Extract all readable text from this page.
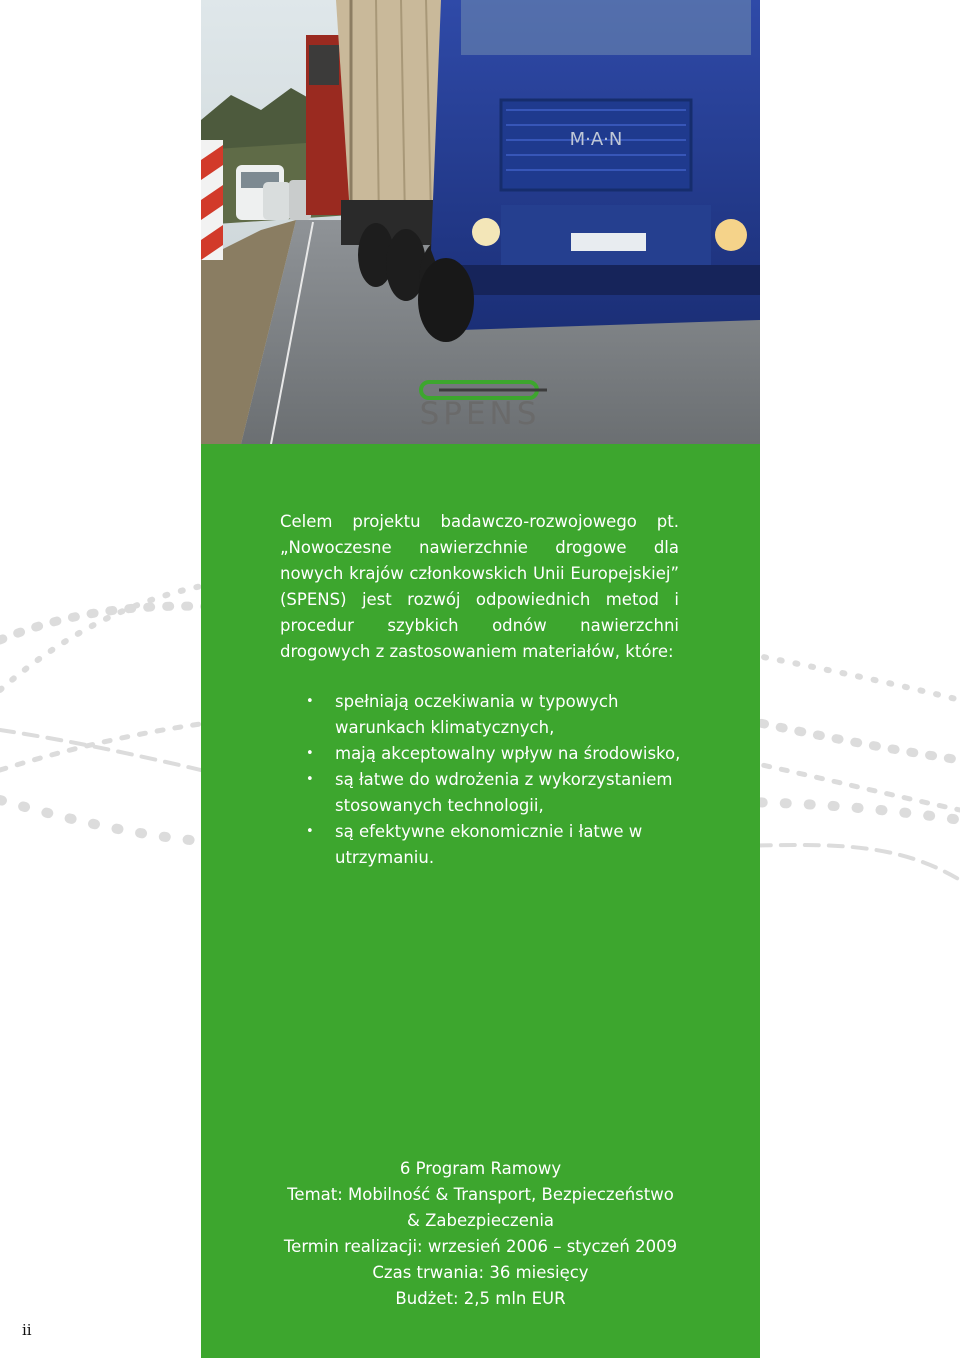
M·A·N
SPENS
Celem projektu badawczo-rozwojowego pt. „Nowoczesne nawierzchnie drogowe dla nowych krajów członkowskich Unii Europejskiej” (SPENS) jest rozwój odpowiednich metod i procedur szybkich odnów nawierzchni drogowych z zastosowaniem materiałów, które:
• spełniają oczekiwania w typowych warunkach klimatycznych,
• mają akceptowalny wpływ na środowisko,
• są łatwe do wdrożenia z wykorzystaniem stosowanych technologii,
• są efektywne ekonomicznie i łatwe w utrzymaniu.
6 Program Ramowy
Temat: Mobilność & Transport, Bezpieczeństwo & Zabezpieczenia
Termin realizacji: wrzesień 2006 – styczeń 2009
Czas trwania: 36 miesięcy
Budżet: 2,5 mln EUR
ii
